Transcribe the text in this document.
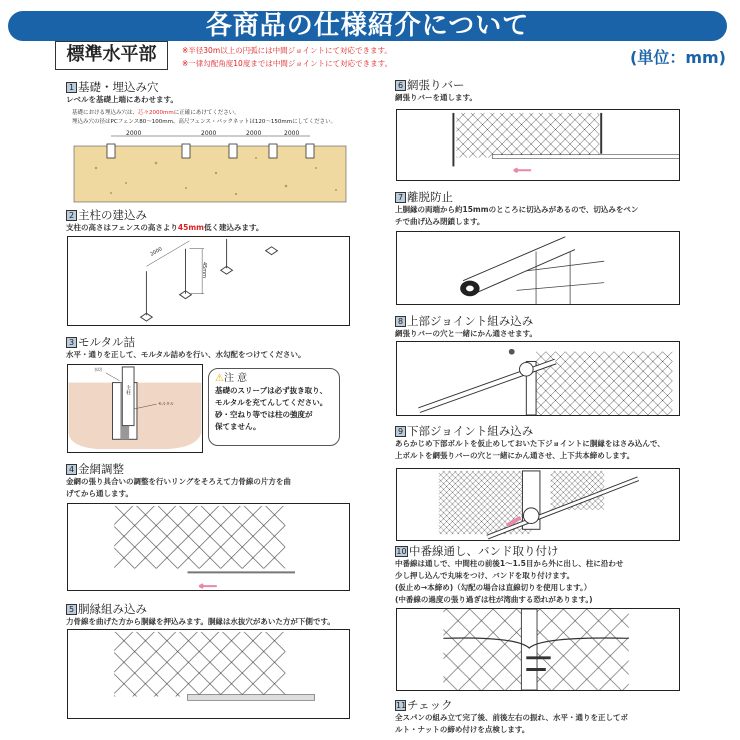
各商品の仕様紹介について
標準水平部	※半径30m以上の円弧には中間ジョイントにて対応できます。
※一律勾配角度10度までは中間ジョイントにて対応できます。	(単位：mm)
1 基礎・埋込み穴
レベルを基礎上端にあわせます。
基礎における埋込み穴は、芯々2000mmに正確にあけてください。
埋込み穴の径はPCフェンス80～100mm、高尺フェンス・パックネットは120～150mmにしてください。
2000	2000	2000	2000
2 主柱の建込み
支柱の高さはフェンスの高さより45mm低く建込みます。
2000
45mm
3 モルタル詰
水平・通りを正して、モルタル詰めを行い、水勾配をつけてください。
水切
主柱
モルタル
⚠注 意
基礎のスリーブは必ず抜き取り、
モルタルを充てんしてください。
砂・空ねり等では柱の強度が
保てません。
4 金網調整
金網の張り具合いの調整を行いリングをそろえて力骨線の片方を曲
げてから通します。
5 胴縁組み込み
力骨線を曲げた方から胴縁を押込みます。胴縁は水抜穴があいた方が下側です。
6 網張りバー
網張りバーを通します。
7 離脱防止
上胴縁の両端から約15mmのところに切込みがあるので、切込みをペン
チで曲げ込み閉鎖します。
8 上部ジョイント組み込み
網張りバーの穴と一緒にかん通させます。
9 下部ジョイント組み込み
あらかじめ下部ボルトを仮止めしておいた下ジョイントに胴縁をはさみ込んで、
上ボルトを網張りバーの穴と一緒にかん通させ、上下共本締めします。
10 中番線通し、バンド取り付け
中番線は通しで、中間柱の前後1～1.5目から外に出し、柱に沿わせ
少し押し込んで丸味をつけ、バンドを取り付けます。
(仮止め→本締め)（勾配の場合は直線切りを使用します。）
(中番線の過度の張り過ぎは柱が湾曲する恐れがあります。)
11チェック
全スパンの組み立て完了後、前後左右の振れ、水平・通りを正してボ
ルト・ナットの締め付けを点検します。
